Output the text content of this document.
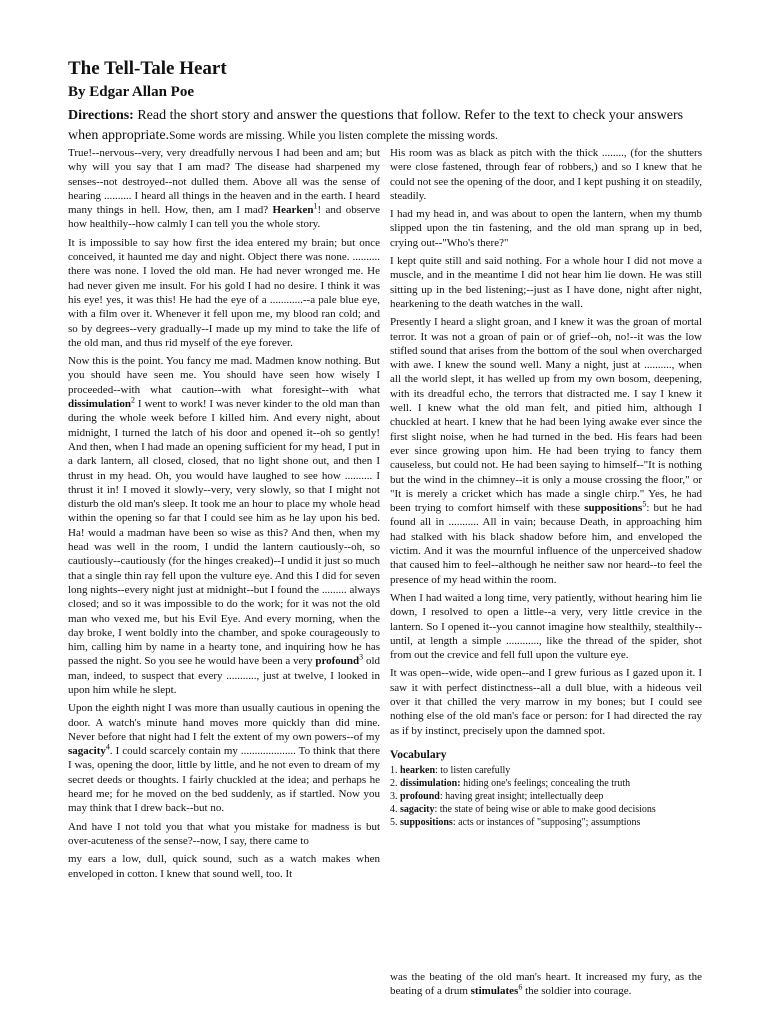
The Tell-Tale Heart
By Edgar Allan Poe

Directions: Read the short story and answer the questions that follow. Refer to the text to check your answers when appropriate.Some words are missing. While you listen complete the missing words.

True!--nervous--very, very dreadfully nervous I had been and am; but why will you say that I am mad? The disease had sharpened my senses--not destroyed--not dulled them. Above all was the sense of hearing .......... I heard all things in the heaven and in the earth. I heard many things in hell. How, then, am I mad? Hearken$^1$! and observe how healthily--how calmly I can tell you the whole story.

It is impossible to say how first the idea entered my brain; but once conceived, it haunted me day and night. Object there was none. .......... there was none. I loved the old man. He had never wronged me. He had never given me insult. For his gold I had no desire. I think it was his eye! yes, it was this! He had the eye of a ............--a pale blue eye, with a film over it. Whenever it fell upon me, my blood ran cold; and so by degrees--very gradually--I made up my mind to take the life of the old man, and thus rid myself of the eye forever.

Now this is the point. You fancy me mad. Madmen know nothing. But you should have seen me. You should have seen how wisely I proceeded--with what caution--with what foresight--with what dissimulation$^2$ I went to work! I was never kinder to the old man than during the whole week before I killed him. And every night, about midnight, I turned the latch of his door and opened it--oh so gently! And then, when I had made an opening sufficient for my head, I put in a dark lantern, all closed, closed, that no light shone out, and then I thrust in my head. Oh, you would have laughed to see how .......... I thrust it in! I moved it slowly--very, very slowly, so that I might not disturb the old man's sleep. It took me an hour to place my whole head within the opening so far that I could see him as he lay upon his bed. Ha! would a madman have been so wise as this? And then, when my head was well in the room, I undid the lantern cautiously--oh, so cautiously--cautiously (for the hinges creaked)--I undid it just so much that a single thin ray fell upon the vulture eye. And this I did for seven long nights--every night just at midnight--but I found the ......... always closed; and so it was impossible to do the work; for it was not the old man who vexed me, but his Evil Eye. And every morning, when the day broke, I went boldly into the chamber, and spoke courageously to him, calling him by name in a hearty tone, and inquiring how he has passed the night. So you see he would have been a very profound$^3$ old man, indeed, to suspect that every ..........., just at twelve, I looked in upon him while he slept.

Upon the eighth night I was more than usually cautious in opening the door. A watch's minute hand moves more quickly than did mine. Never before that night had I felt the extent of my own powers--of my sagacity$^4$. I could scarcely contain my .................... To think that there I was, opening the door, little by little, and he not even to dream of my secret deeds or thoughts. I fairly chuckled at the idea; and perhaps he heard me; for he moved on the bed suddenly, as if startled. Now you may think that I drew back--but no.

And have I not told you that what you mistake for madness is but over-acuteness of the sense?--now, I say, there came to

my ears a low, dull, quick sound, such as a watch makes when enveloped in cotton. I knew that sound well, too. It

His room was as black as pitch with the thick ........, (for the shutters were close fastened, through fear of robbers,) and so I knew that he could not see the opening of the door, and I kept pushing it on steadily, steadily.

I had my head in, and was about to open the lantern, when my thumb slipped upon the tin fastening, and the old man sprang up in bed, crying out--"Who's there?"

I kept quite still and said nothing. For a whole hour I did not move a muscle, and in the meantime I did not hear him lie down. He was still sitting up in the bed listening;--just as I have done, night after night, hearkening to the death watches in the wall.

Presently I heard a slight groan, and I knew it was the groan of mortal terror. It was not a groan of pain or of grief--oh, no!--it was the low stifled sound that arises from the bottom of the soul when overcharged with awe. I knew the sound well. Many a night, just at .........., when all the world slept, it has welled up from my own bosom, deepening, with its dreadful echo, the terrors that distracted me. I say I knew it well. I knew what the old man felt, and pitied him, although I chuckled at heart. I knew that he had been lying awake ever since the first slight noise, when he had turned in the bed. His fears had been ever since growing upon him. He had been trying to fancy them causeless, but could not. He had been saying to himself--"It is nothing but the wind in the chimney--it is only a mouse crossing the floor," or "It is merely a cricket which has made a single chirp." Yes, he had been trying to comfort himself with these suppositions$^5$: but he had found all in ........... All in vain; because Death, in approaching him had stalked with his black shadow before him, and enveloped the victim. And it was the mournful influence of the unperceived shadow that caused him to feel--although he neither saw nor heard--to feel the presence of my head within the room.

When I had waited a long time, very patiently, without hearing him lie down, I resolved to open a little--a very, very little crevice in the lantern. So I opened it--you cannot imagine how stealthily, stealthily--until, at length a simple ............, like the thread of the spider, shot from out the crevice and fell full upon the vulture eye.

It was open--wide, wide open--and I grew furious as I gazed upon it. I saw it with perfect distinctness--all a dull blue, with a hideous veil over it that chilled the very marrow in my bones; but I could see nothing else of the old man's face or person: for I had directed the ray as if by instinct, precisely upon the damned spot.

Vocabulary
1. hearken: to listen carefully
2. dissimulation: hiding one's feelings; concealing the truth
3. profound: having great insight; intellectually deep
4. sagacity: the state of being wise or able to make good decisions
5. suppositions: acts or instances of "supposing"; assumptions

was the beating of the old man's heart. It increased my fury, as the beating of a drum stimulates$^6$ the soldier into courage.
